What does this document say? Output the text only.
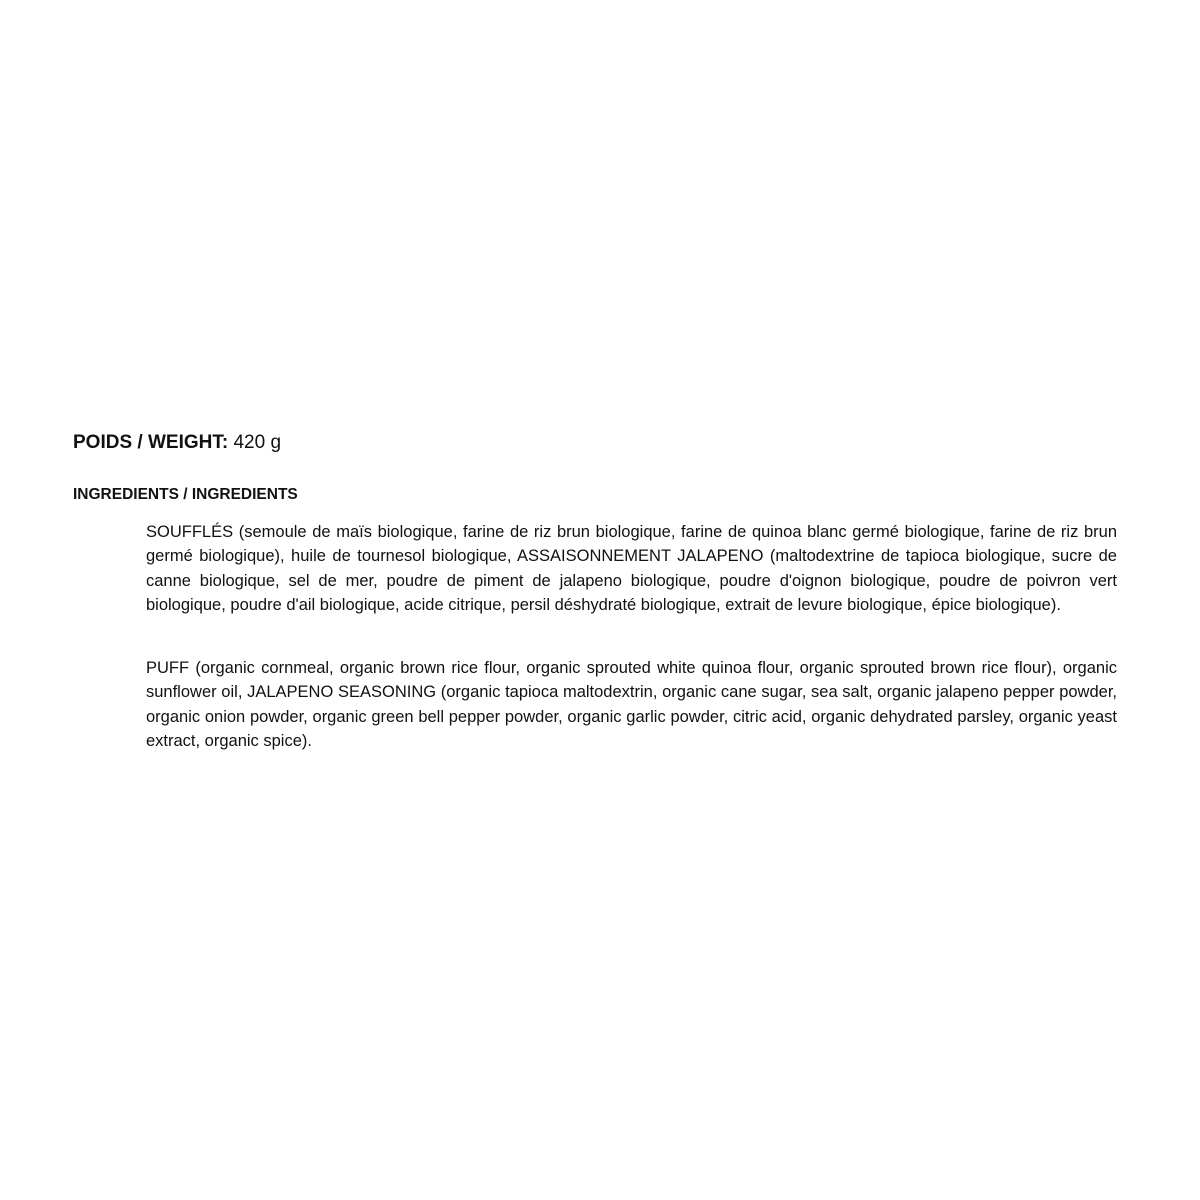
POIDS / WEIGHT: 420 g
INGREDIENTS / INGREDIENTS

SOUFFLÉS (semoule de maïs biologique, farine de riz brun biologique, farine de quinoa blanc germé biologique, farine de riz brun germé biologique), huile de tournesol biologique, ASSAISONNEMENT JALAPENO (maltodextrine de tapioca biologique, sucre de canne biologique, sel de mer, poudre de piment de jalapeno biologique, poudre d'oignon biologique, poudre de poivron vert biologique, poudre d'ail biologique, acide citrique, persil déshydraté biologique, extrait de levure biologique, épice biologique).

PUFF (organic cornmeal, organic brown rice flour, organic sprouted white quinoa flour, organic sprouted brown rice flour), organic sunflower oil, JALAPENO SEASONING (organic tapioca maltodextrin, organic cane sugar, sea salt, organic jalapeno pepper powder, organic onion powder, organic green bell pepper powder, organic garlic powder, citric acid, organic dehydrated parsley, organic yeast extract, organic spice).
